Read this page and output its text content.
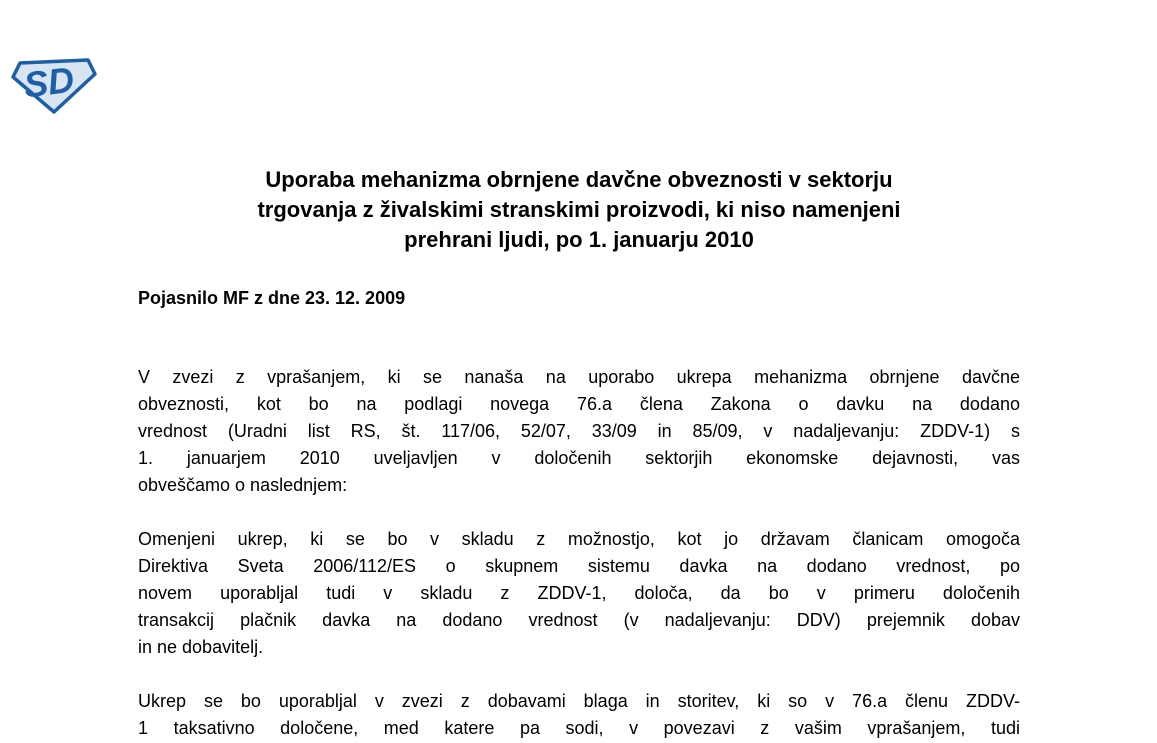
SD
Uporaba mehanizma obrnjene davčne obveznosti v sektorju
trgovanja z živalskimi stranskimi proizvodi, ki niso namenjeni
prehrani ljudi, po 1. januarju 2010
Pojasnilo MF z dne 23. 12. 2009
V zvezi z vprašanjem, ki se nanaša na uporabo ukrepa mehanizma obrnjene davčne
obveznosti, kot bo na podlagi novega 76.a člena Zakona o davku na dodano
vrednost (Uradni list RS, št. 117/06, 52/07, 33/09 in 85/09, v nadaljevanju: ZDDV-1) s
1. januarjem 2010 uveljavljen v določenih sektorjih ekonomske dejavnosti, vas
obveščamo o naslednjem:
Omenjeni ukrep, ki se bo v skladu z možnostjo, kot jo državam članicam omogoča
Direktiva Sveta 2006/112/ES o skupnem sistemu davka na dodano vrednost, po
novem uporabljal tudi v skladu z ZDDV-1, določa, da bo v primeru določenih
transakcij plačnik davka na dodano vrednost (v nadaljevanju: DDV) prejemnik dobav
in ne dobavitelj.
Ukrep se bo uporabljal v zvezi z dobavami blaga in storitev, ki so v 76.a členu ZDDV-
1 taksativno določene, med katere pa sodi, v povezavi z vašim vprašanjem, tudi
